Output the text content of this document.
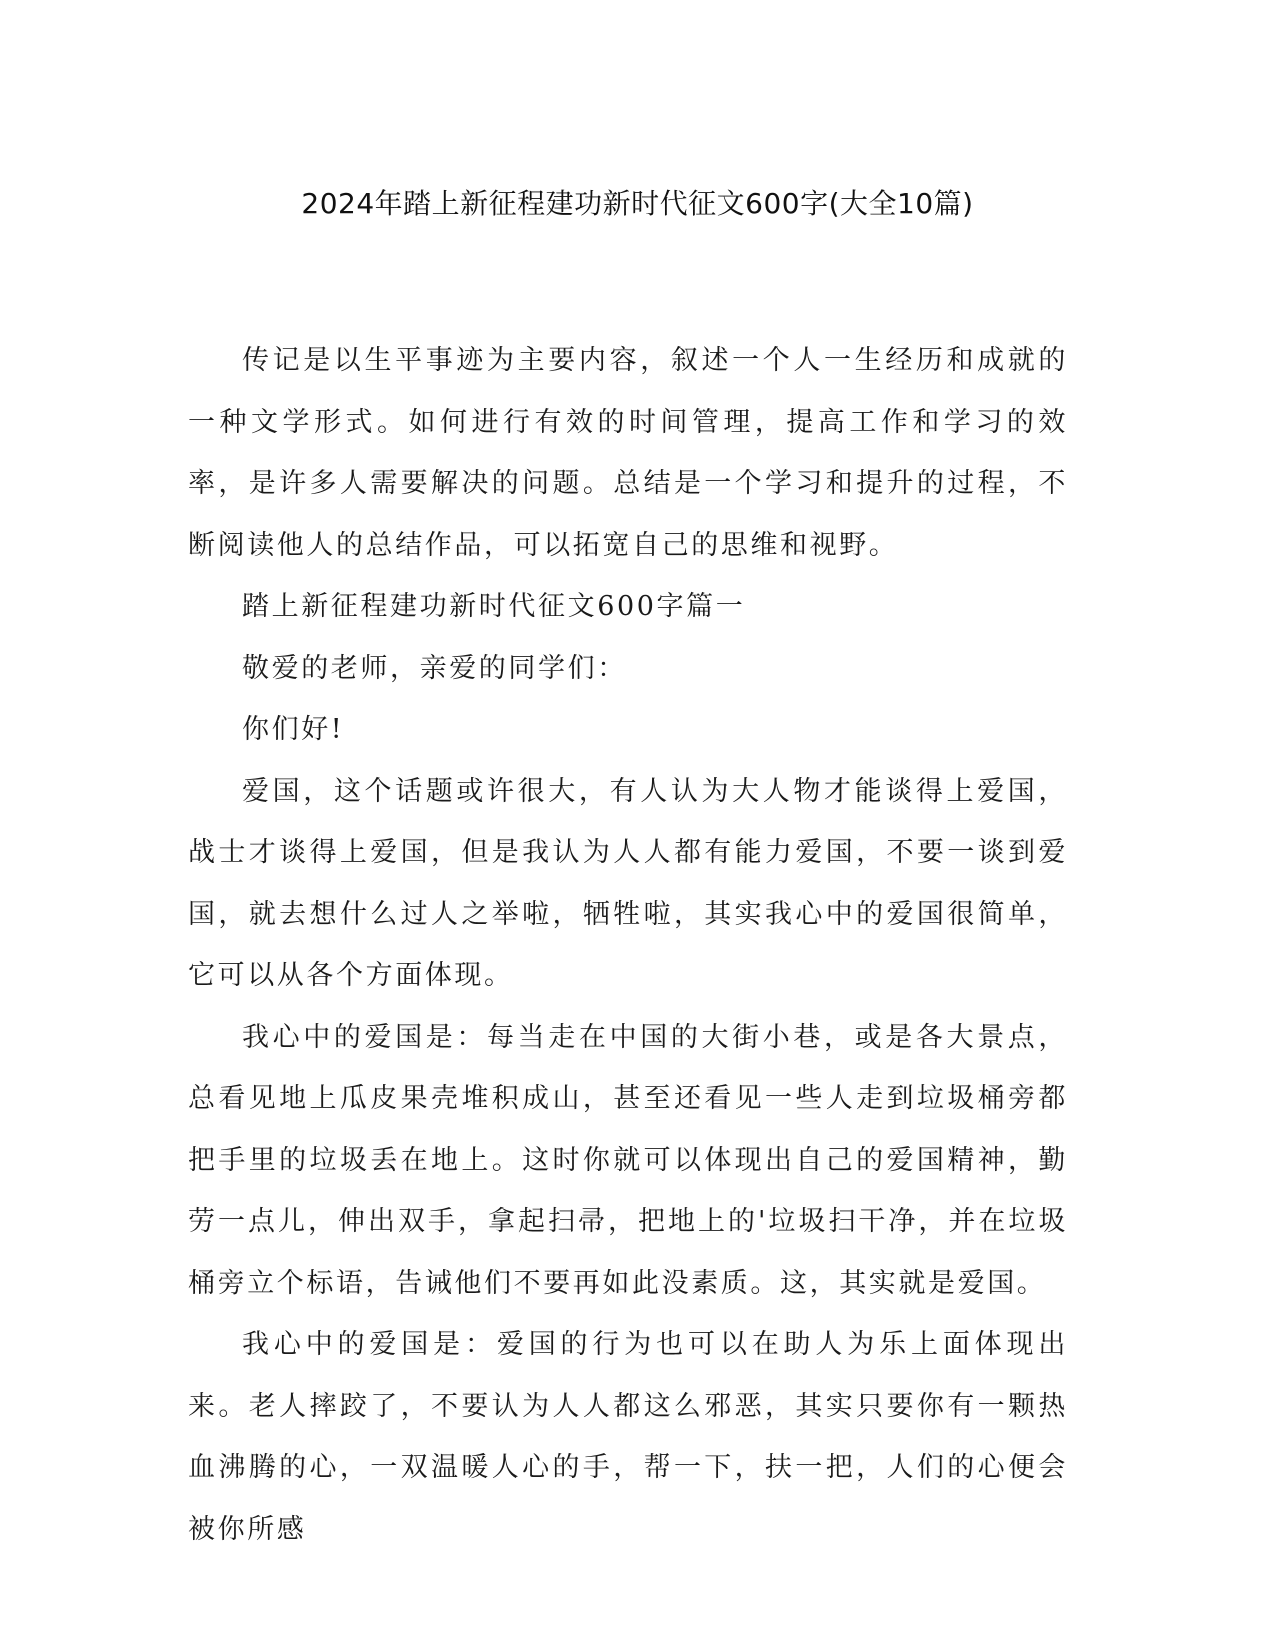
2024年踏上新征程建功新时代征文600字(大全10篇)

传记是以生平事迹为主要内容，叙述一个人一生经历和成就的一种文学形式。如何进行有效的时间管理，提高工作和学习的效率，是许多人需要解决的问题。总结是一个学习和提升的过程，不断阅读他人的总结作品，可以拓宽自己的思维和视野。

踏上新征程建功新时代征文600字篇一

敬爱的老师，亲爱的同学们：

你们好!

爱国，这个话题或许很大，有人认为大人物才能谈得上爱国，战士才谈得上爱国，但是我认为人人都有能力爱国，不要一谈到爱国，就去想什么过人之举啦，牺牲啦，其实我心中的爱国很简单，它可以从各个方面体现。

我心中的爱国是：每当走在中国的大街小巷，或是各大景点，总看见地上瓜皮果壳堆积成山，甚至还看见一些人走到垃圾桶旁都把手里的垃圾丢在地上。这时你就可以体现出自己的爱国精神，勤劳一点儿，伸出双手，拿起扫帚，把地上的'垃圾扫干净，并在垃圾桶旁立个标语，告诫他们不要再如此没素质。这，其实就是爱国。

我心中的爱国是：爱国的行为也可以在助人为乐上面体现出来。老人摔跤了，不要认为人人都这么邪恶，其实只要你有一颗热血沸腾的心，一双温暖人心的手，帮一下，扶一把，人们的心便会被你所感
